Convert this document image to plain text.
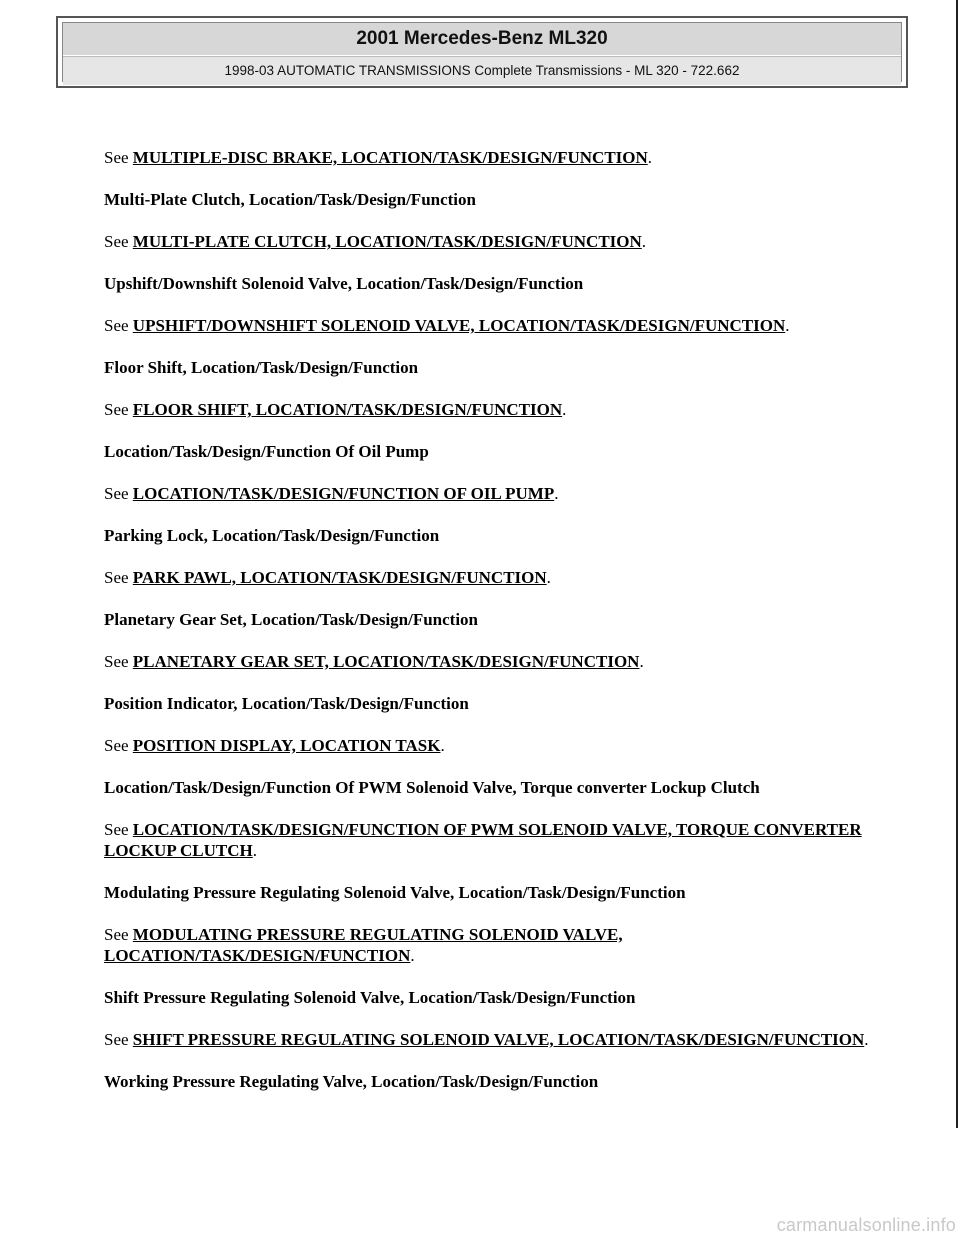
2001 Mercedes-Benz ML320
1998-03 AUTOMATIC TRANSMISSIONS Complete Transmissions - ML 320 - 722.662

See MULTIPLE-DISC BRAKE, LOCATION/TASK/DESIGN/FUNCTION.

Multi-Plate Clutch, Location/Task/Design/Function

See MULTI-PLATE CLUTCH, LOCATION/TASK/DESIGN/FUNCTION.

Upshift/Downshift Solenoid Valve, Location/Task/Design/Function

See UPSHIFT/DOWNSHIFT SOLENOID VALVE, LOCATION/TASK/DESIGN/FUNCTION.

Floor Shift, Location/Task/Design/Function

See FLOOR SHIFT, LOCATION/TASK/DESIGN/FUNCTION.

Location/Task/Design/Function Of Oil Pump

See LOCATION/TASK/DESIGN/FUNCTION OF OIL PUMP.

Parking Lock, Location/Task/Design/Function

See PARK PAWL, LOCATION/TASK/DESIGN/FUNCTION.

Planetary Gear Set, Location/Task/Design/Function

See PLANETARY GEAR SET, LOCATION/TASK/DESIGN/FUNCTION.

Position Indicator, Location/Task/Design/Function

See POSITION DISPLAY, LOCATION TASK.

Location/Task/Design/Function Of PWM Solenoid Valve, Torque converter Lockup Clutch

See LOCATION/TASK/DESIGN/FUNCTION OF PWM SOLENOID VALVE, TORQUE CONVERTER LOCKUP CLUTCH.

Modulating Pressure Regulating Solenoid Valve, Location/Task/Design/Function

See MODULATING PRESSURE REGULATING SOLENOID VALVE, LOCATION/TASK/DESIGN/FUNCTION.

Shift Pressure Regulating Solenoid Valve, Location/Task/Design/Function

See SHIFT PRESSURE REGULATING SOLENOID VALVE, LOCATION/TASK/DESIGN/FUNCTION.

Working Pressure Regulating Valve, Location/Task/Design/Function

carmanualsonline.info
